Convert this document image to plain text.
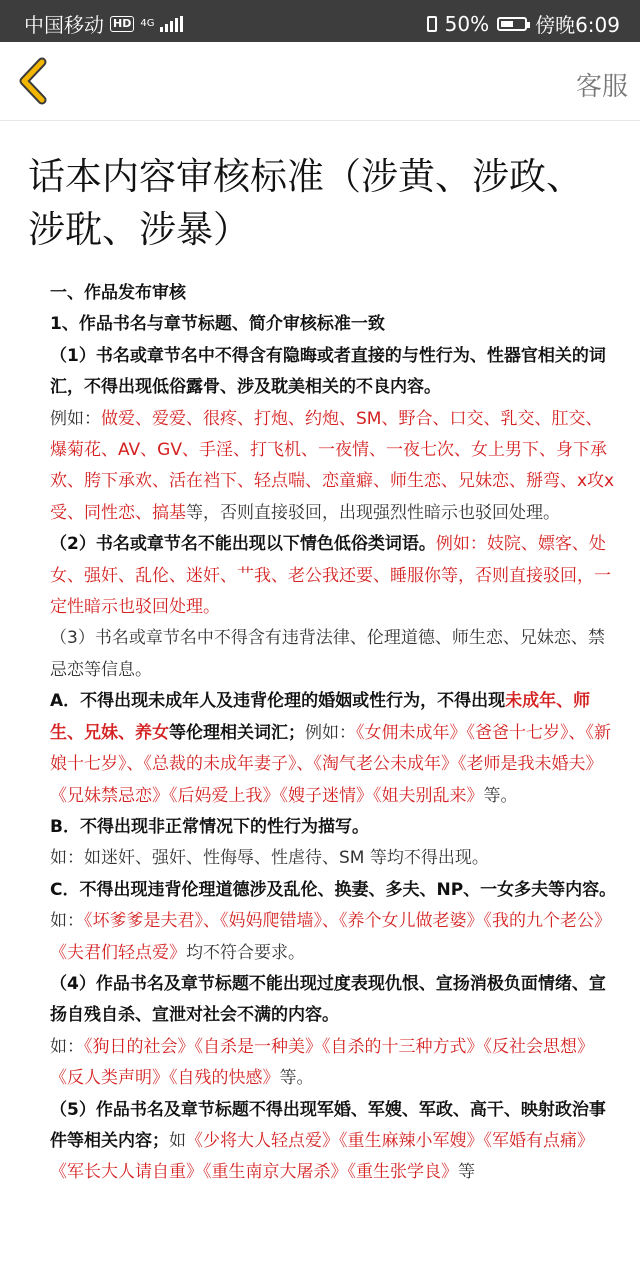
中国移动 HD 4G	50% 傍晚6:09
客服
话本内容审核标准（涉黄、涉政、涉耽、涉暴）

一、作品发布审核

1、作品书名与章节标题、简介审核标准一致

（1）书名或章节名中不得含有隐晦或者直接的与性行为、性器官相关的词汇，不得出现低俗露骨、涉及耽美相关的不良内容。

例如：做爱、爱爱、很疼、打炮、约炮、SM、野合、口交、乳交、肛交、爆菊花、AV、GV、手淫、打飞机、一夜情、一夜七次、女上男下、身下承欢、胯下承欢、活在裆下、轻点喘、恋童癖、师生恋、兄妹恋、掰弯、x攻x受、同性恋、搞基等，否则直接驳回，出现强烈性暗示也驳回处理。

（2）书名或章节名不能出现以下情色低俗类词语。例如：妓院、嫖客、处女、强奸、乱伦、迷奸、艹我、老公我还要、睡服你等，否则直接驳回，一定性暗示也驳回处理。

（3）书名或章节名中不得含有违背法律、伦理道德、师生恋、兄妹恋、禁忌恋等信息。

A．不得出现未成年人及违背伦理的婚姻或性行为，不得出现未成年、师生、兄妹、养女等伦理相关词汇；例如：《女佣未成年》《爸爸十七岁》、《新娘十七岁》、《总裁的未成年妻子》、《淘气老公未成年》《老师是我未婚夫》《兄妹禁忌恋》《后妈爱上我》《嫂子迷情》《姐夫别乱来》等。

B．不得出现非正常情况下的性行为描写。

如：如迷奸、强奸、性侮辱、性虐待、SM 等均不得出现。

C．不得出现违背伦理道德涉及乱伦、换妻、多夫、NP、一女多夫等内容。

如：《坏爹爹是夫君》、《妈妈爬错墙》、《养个女儿做老婆》《我的九个老公》《夫君们轻点爱》均不符合要求。

（4）作品书名及章节标题不能出现过度表现仇恨、宣扬消极负面情绪、宣扬自残自杀、宣泄对社会不满的内容。

如：《狗日的社会》《自杀是一种美》《自杀的十三种方式》《反社会思想》《反人类声明》《自残的快感》等。

（5）作品书名及章节标题不得出现军婚、军嫂、军政、高干、映射政治事件等相关内容；如《少将大人轻点爱》《重生麻辣小军嫂》《军婚有点痛》《军长大人请自重》《重生南京大屠杀》《重生张学良》等
